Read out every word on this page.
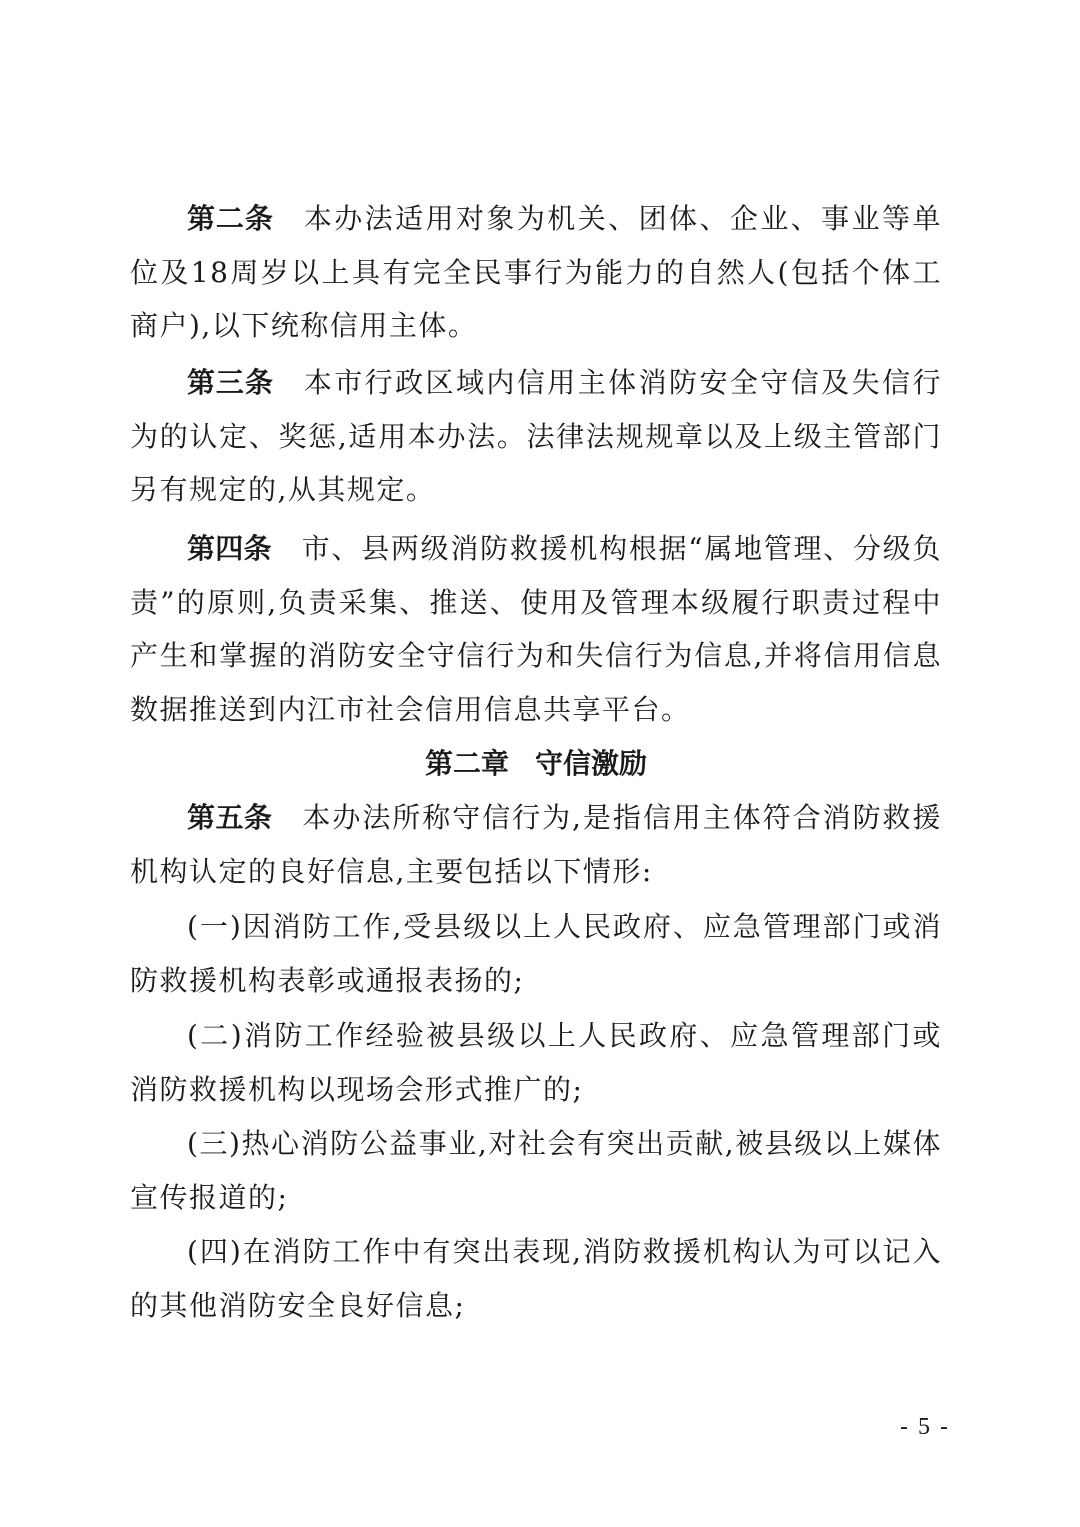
第二条 本办法适用对象为机关、团体、企业、事业等单位及18周岁以上具有完全民事行为能力的自然人(包括个体工商户),以下统称信用主体。

第三条 本市行政区域内信用主体消防安全守信及失信行为的认定、奖惩,适用本办法。法律法规规章以及上级主管部门另有规定的,从其规定。

第四条 市、县两级消防救援机构根据“属地管理、分级负责”的原则,负责采集、推送、使用及管理本级履行职责过程中产生和掌握的消防安全守信行为和失信行为信息,并将信用信息数据推送到内江市社会信用信息共享平台。

第二章 守信激励

第五条 本办法所称守信行为,是指信用主体符合消防救援机构认定的良好信息,主要包括以下情形:

(一)因消防工作,受县级以上人民政府、应急管理部门或消防救援机构表彰或通报表扬的;

(二)消防工作经验被县级以上人民政府、应急管理部门或消防救援机构以现场会形式推广的;

(三)热心消防公益事业,对社会有突出贡献,被县级以上媒体宣传报道的;

(四)在消防工作中有突出表现,消防救援机构认为可以记入的其他消防安全良好信息;

- 5 -
